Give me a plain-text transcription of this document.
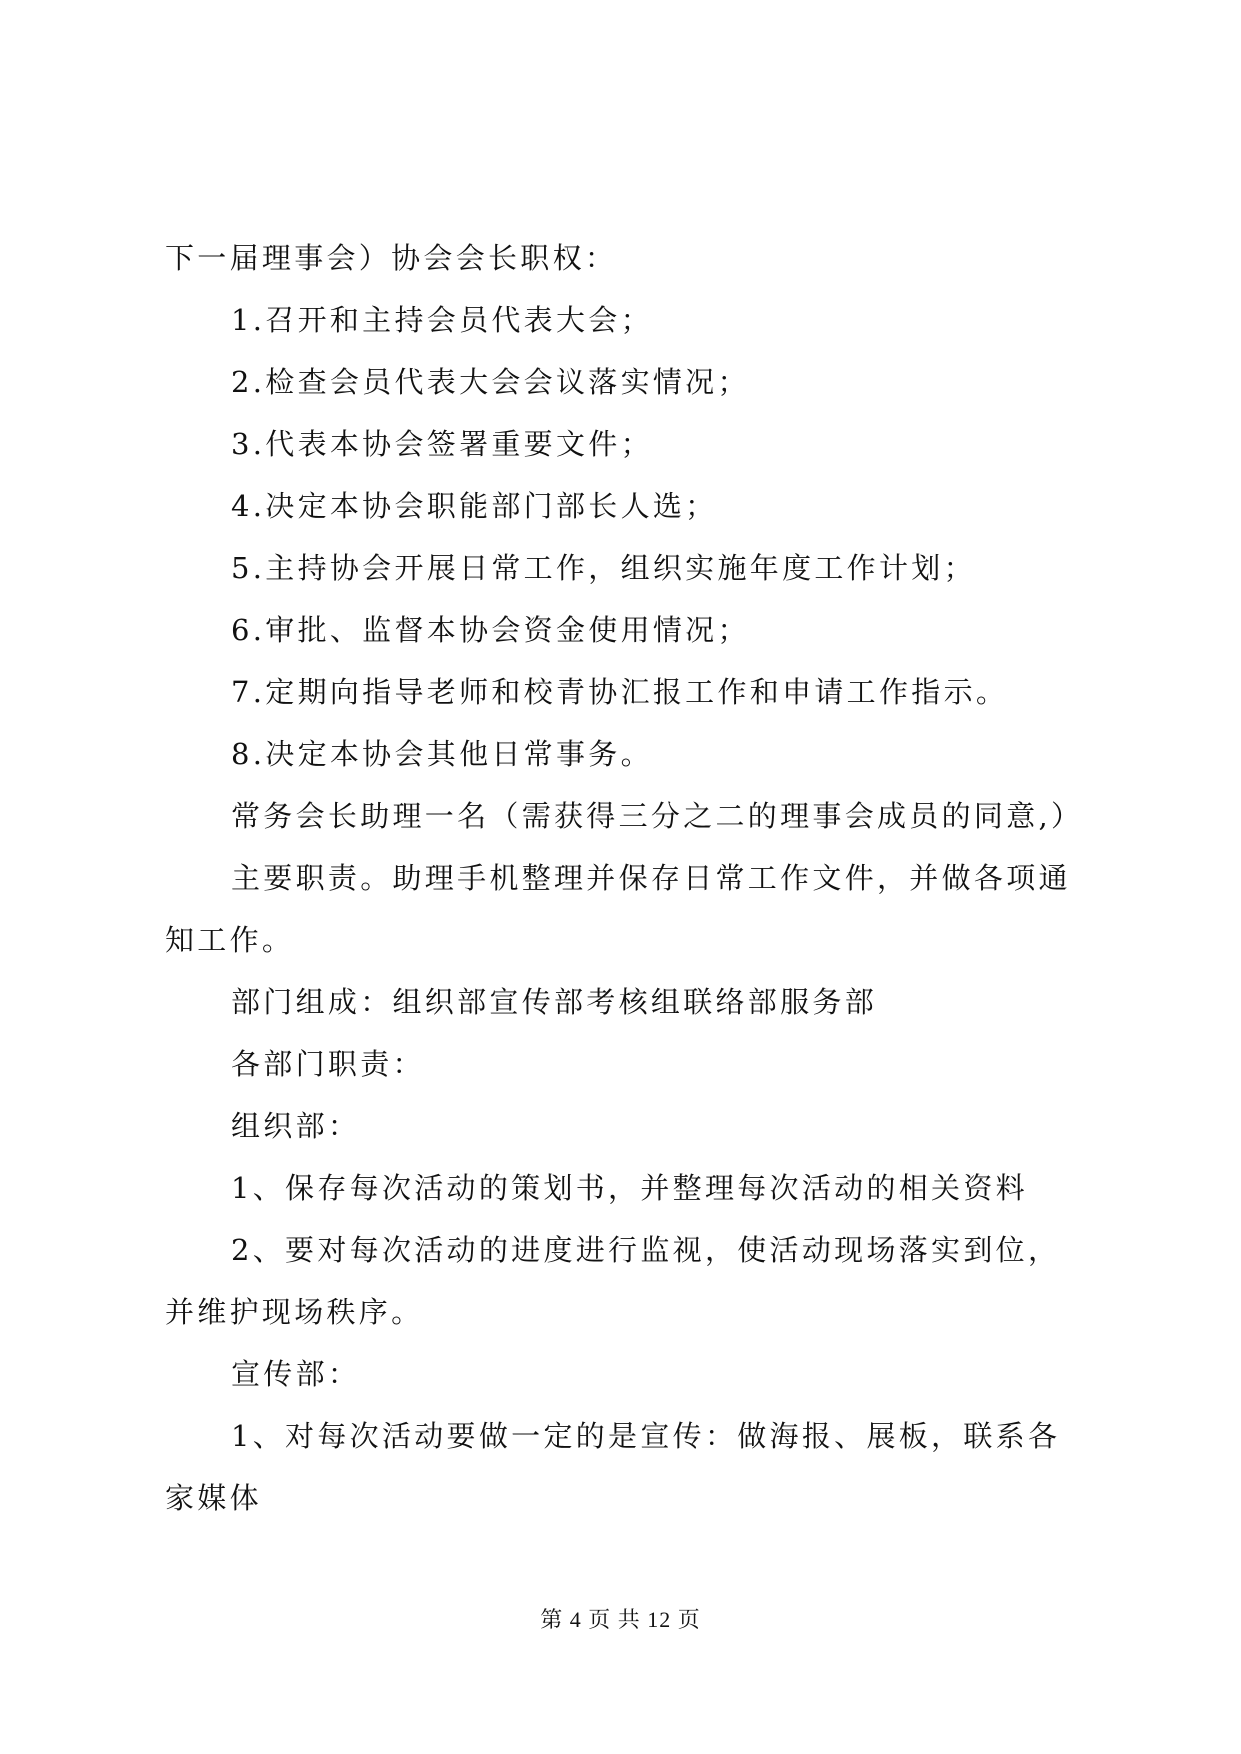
下一届理事会）协会会长职权：
1.召开和主持会员代表大会；
2.检查会员代表大会会议落实情况；
3.代表本协会签署重要文件；
4.决定本协会职能部门部长人选；
5.主持协会开展日常工作，组织实施年度工作计划；
6.审批、监督本协会资金使用情况；
7.定期向指导老师和校青协汇报工作和申请工作指示。
8.决定本协会其他日常事务。
常务会长助理一名（需获得三分之二的理事会成员的同意,）
主要职责。助理手机整理并保存日常工作文件，并做各项通
知工作。
部门组成：组织部宣传部考核组联络部服务部
各部门职责：
组织部：
1、保存每次活动的策划书，并整理每次活动的相关资料
2、要对每次活动的进度进行监视，使活动现场落实到位，
并维护现场秩序。
宣传部：
1、对每次活动要做一定的是宣传：做海报、展板，联系各
家媒体
第 4 页 共 12 页
